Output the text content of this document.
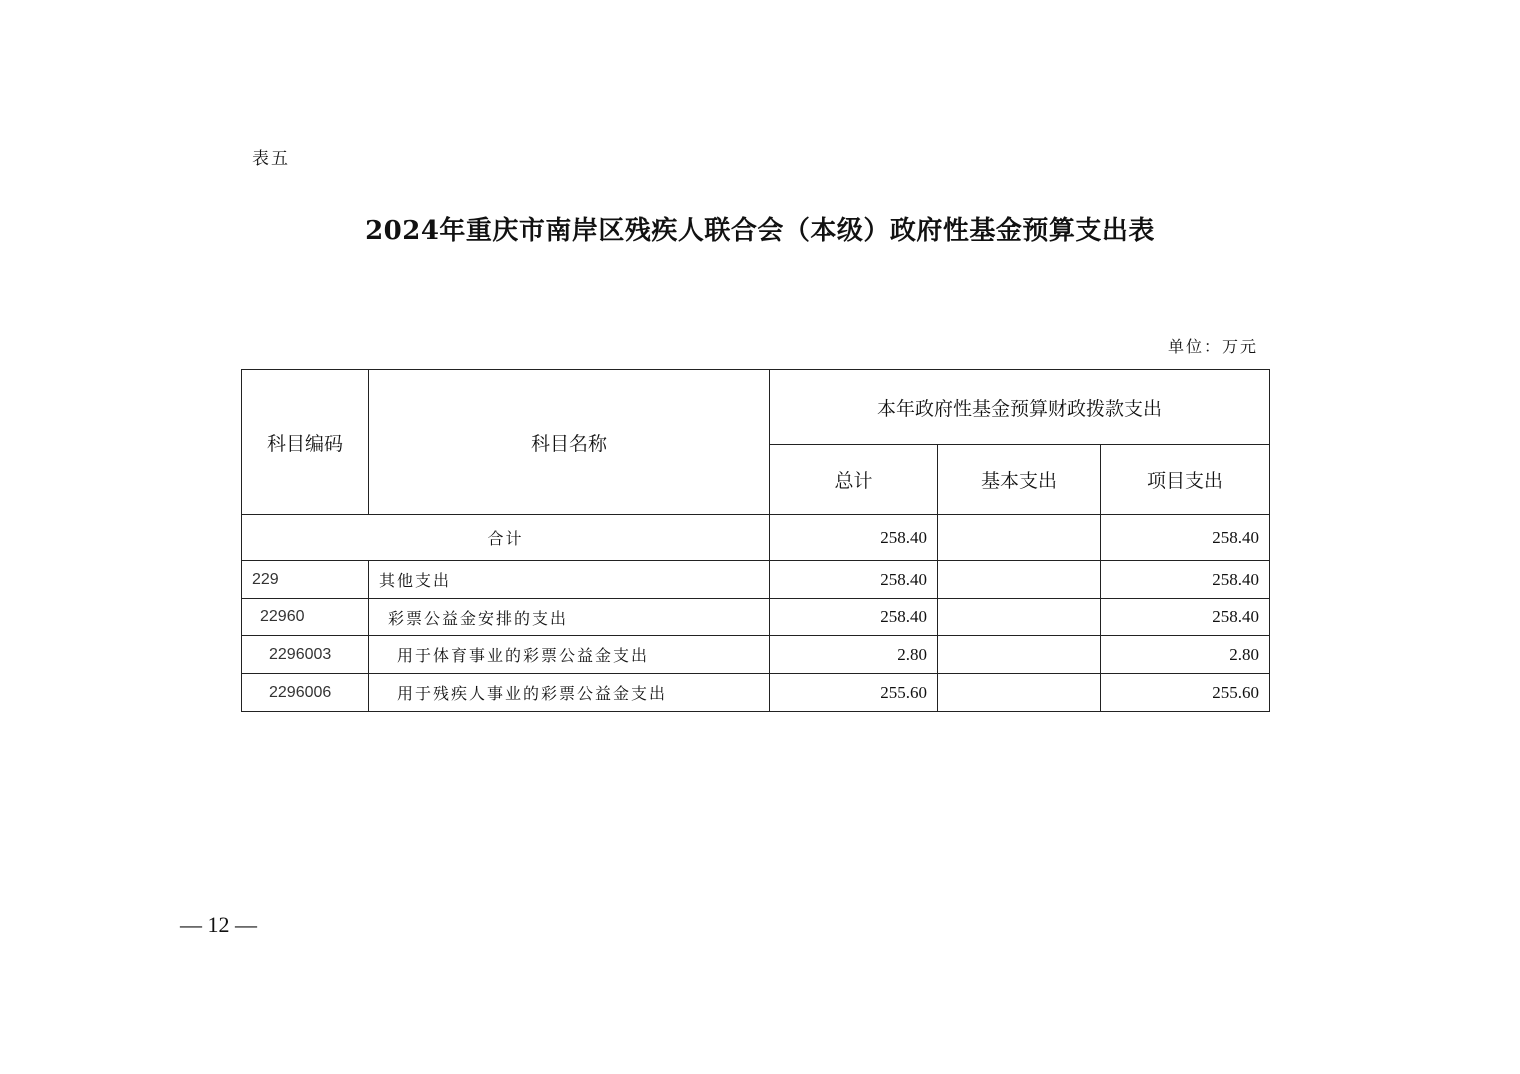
表五
2024年重庆市南岸区残疾人联合会（本级）政府性基金预算支出表
单位：万元
科目编码	科目名称	本年政府性基金预算财政拨款支出		
		总计	基本支出	项目支出
合计		258.40		258.40
229	其他支出	258.40		258.40
22960	彩票公益金安排的支出	258.40		258.40
2296003	用于体育事业的彩票公益金支出	2.80		2.80
2296006	用于残疾人事业的彩票公益金支出	255.60		255.60
— 12 —
